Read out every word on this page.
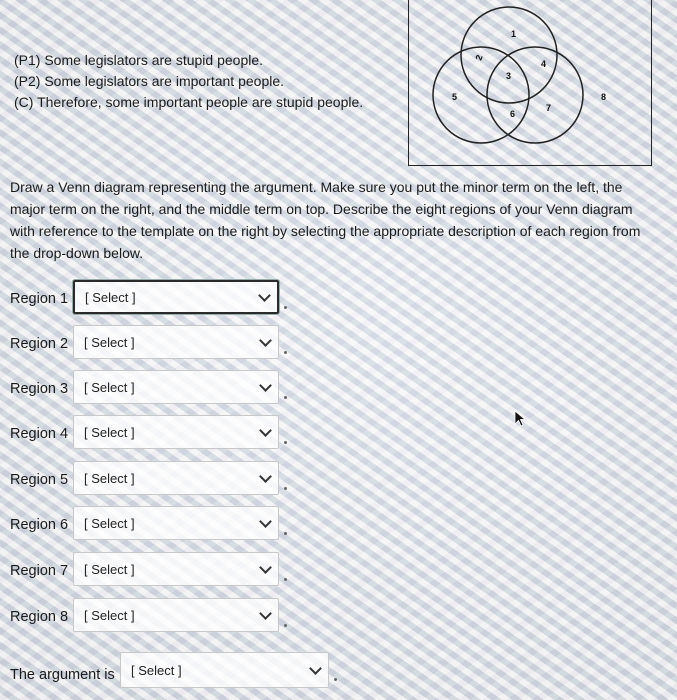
(P1) Some legislators are stupid people.
(P2) Some legislators are important people.
(C) Therefore, some important people are stupid people.
1
2
3
4
5
6
7
8
Draw a Venn diagram representing the argument. Make sure you put the minor term on the left, the major term on the right, and the middle term on top. Describe the eight regions of your Venn diagram with reference to the template on the right by selecting the appropriate description of each region from the drop-down below.
Region 1 [ Select ]
Region 2 [ Select ]
Region 3 [ Select ]
Region 4 [ Select ]
Region 5 [ Select ]
Region 6 [ Select ]
Region 7 [ Select ]
Region 8 [ Select ]
The argument is [ Select ]
